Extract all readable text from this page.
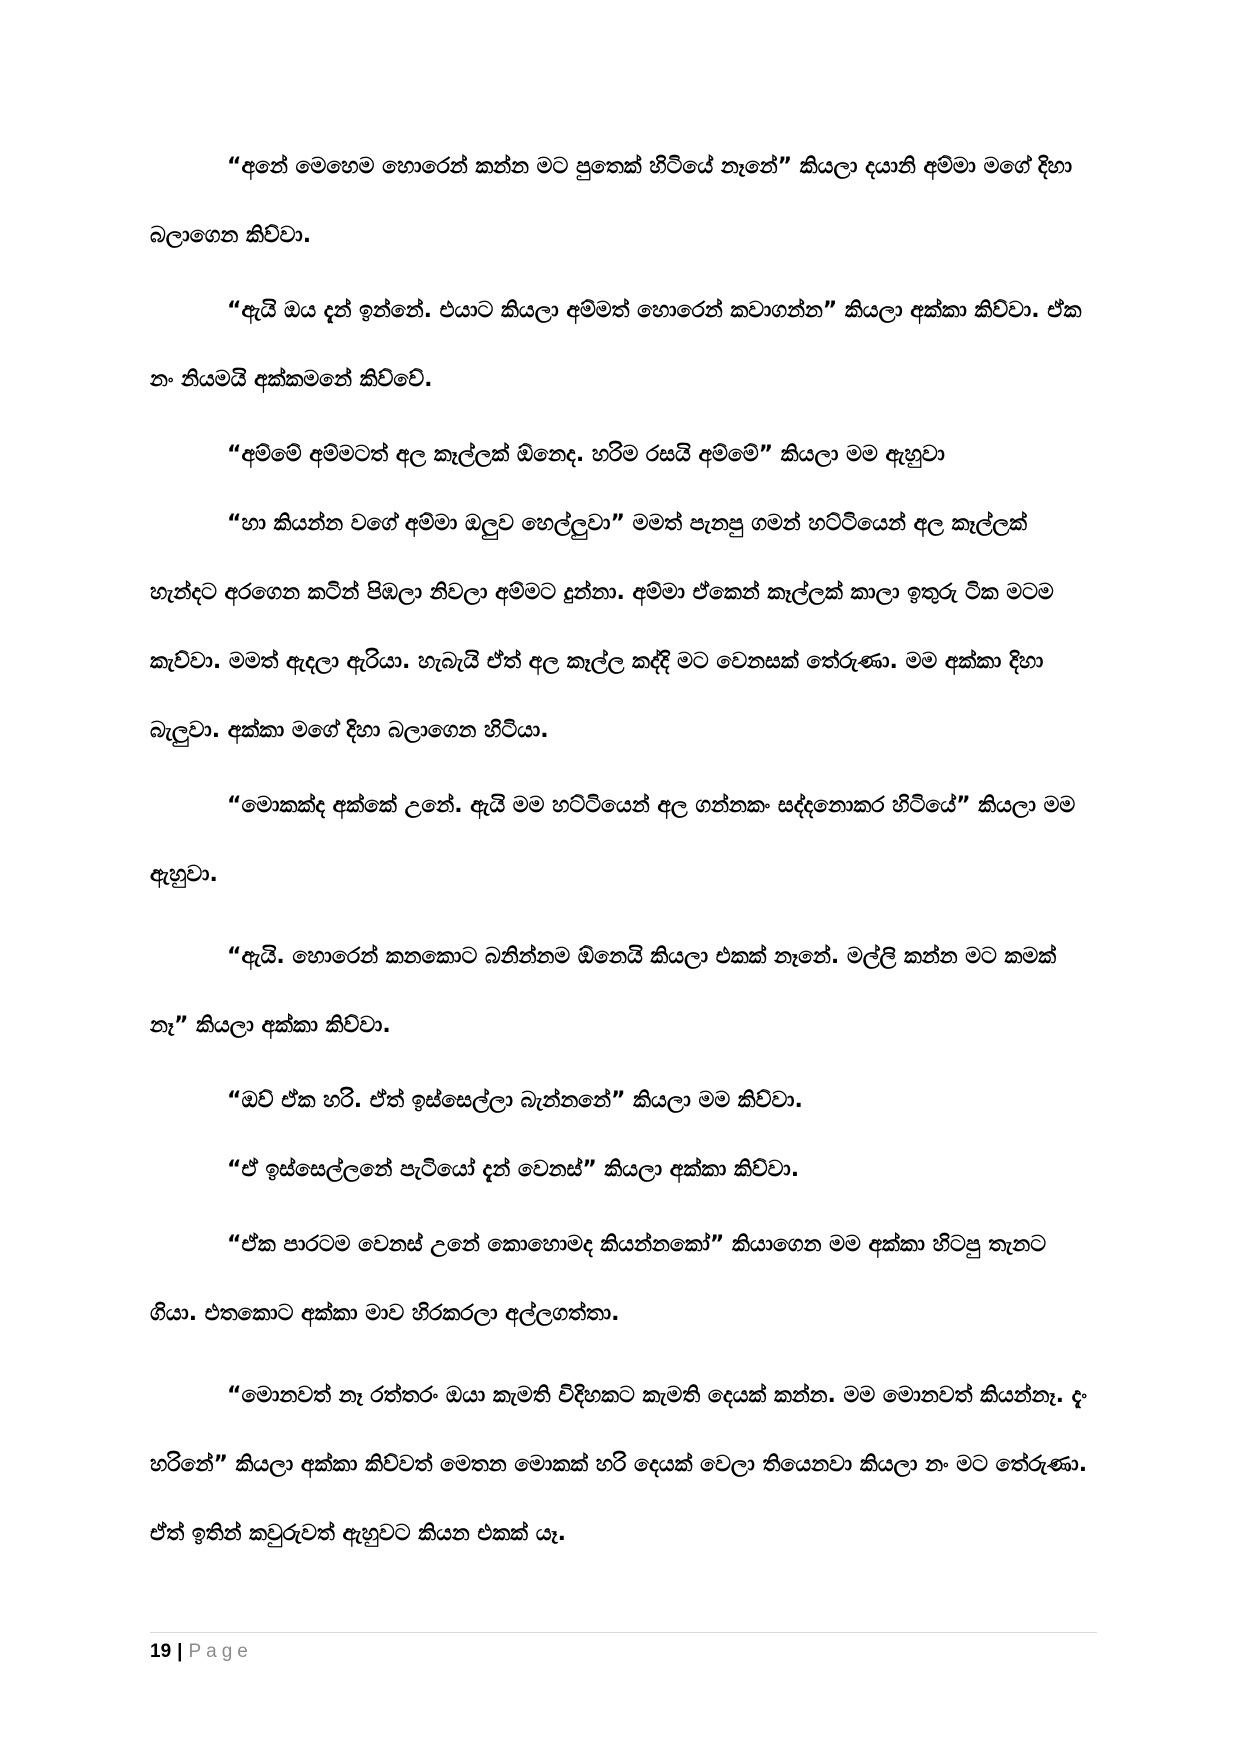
“අනේ මෙහෙම හොරෙන් කන්න මට පුතෙක් හිටියේ නෑනේ” කියලා දයානි අම්මා මගේ දිහා බලාගෙන කිව්වා.

“ඇයි ඔය දැන් ඉන්නේ. එයාට කියලා අම්මත් හොරෙන් කවාගන්න” කියලා අක්කා කිව්වා. ඒක නං නියමයි අක්කමනේ කිව්වේ.

“අම්මේ අම්මටත් අල කෑල්ලක් ඕනෙද. හරිම රසයි අම්මේ” කියලා මම ඇහුවා

“හා කියන්න වගේ අම්මා ඔලුව හෙල්ලුවා” මමත් පැනපු ගමන් හට්ටියෙන් අල කෑල්ලක් හැන්දට අරගෙන කටින් පිඹලා නිවලා අම්මට දුන්නා. අම්මා ඒකෙන් කෑල්ලක් කාලා ඉතුරු ටික මටම කැව්වා. මමත් ඇදලා ඇරියා. හැබැයි ඒත් අල කෑල්ල කද්දි මට වෙනසක් තේරුණා. මම අක්කා දිහා බැලුවා. අක්කා මගේ දිහා බලාගෙන හිටියා.

“මොකක්ද අක්කේ උනේ. ඇයි මම හට්ටියෙන් අල ගන්නකං සද්දනොකර හිටියේ” කියලා මම ඇහුවා.

“ඇයි. හොරෙන් කනකොට බනින්නම ඕනෙයි කියලා එකක් නෑනේ. මල්ලි කන්න මට කමක් නෑ” කියලා අක්කා කිව්වා.

“ඔව් ඒක හරි. ඒත් ඉස්සෙල්ලා බැන්නනේ” කියලා මම කිව්වා.

“ඒ ඉස්සෙල්ලනේ පැටියෝ දැන් වෙනස්” කියලා අක්කා කිව්වා.

“ඒක පාරටම වෙනස් උනේ කොහොමද කියන්නකෝ” කියාගෙන මම අක්කා හිටපු තැනට ගියා. එතකොට අක්කා මාව හිරකරලා අල්ලගත්තා.

“මොනවත් නෑ රත්තරං ඔයා කැමති විදිහකට කැමති දෙයක් කන්න. මම මොනවත් කියන්නෑ. දැං හරිනේ” කියලා අක්කා කිව්වත් මෙතන මොකක් හරි දෙයක් වෙලා තියෙනවා කියලා නං මට තේරුණා. ඒත් ඉතින් කවුරුවත් ඇහුවට කියන එකක් යෑ.

19 | Page
